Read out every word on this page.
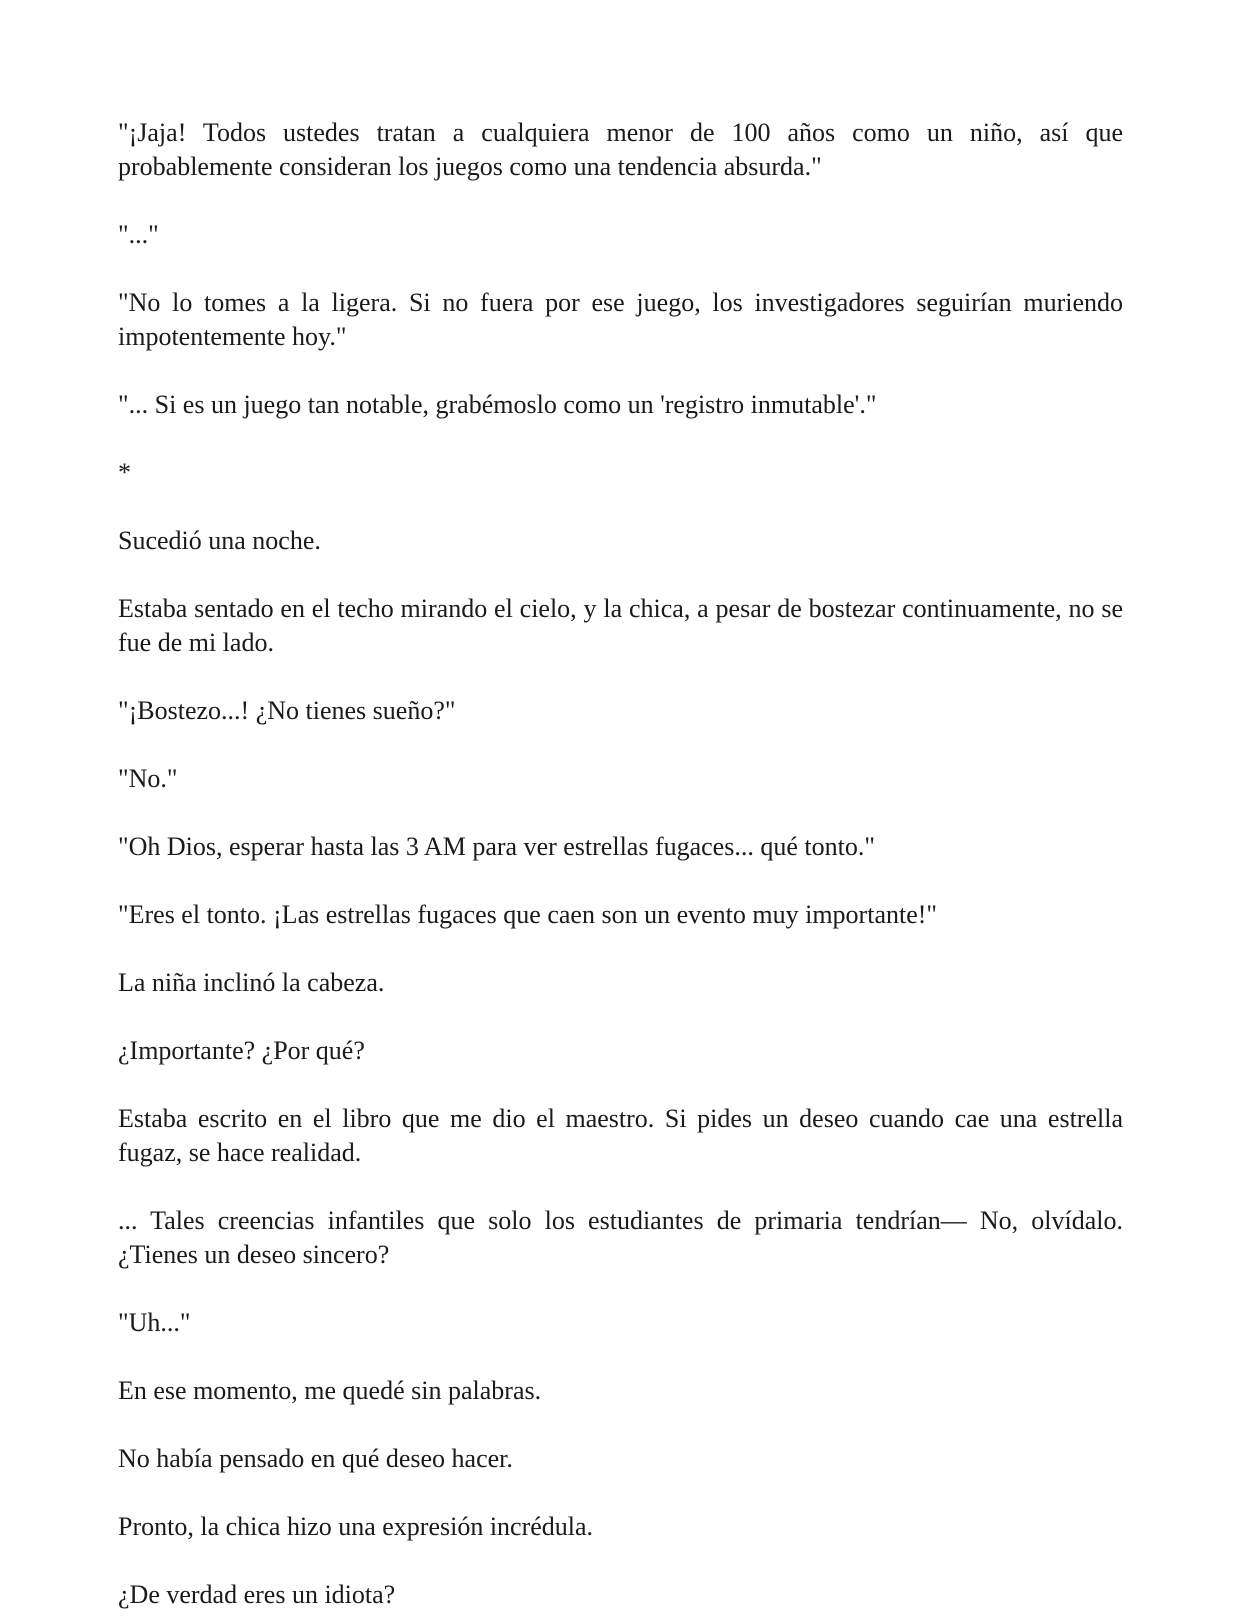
"¡Jaja! Todos ustedes tratan a cualquiera menor de 100 años como un niño, así que probablemente consideran los juegos como una tendencia absurda."

"..."

"No lo tomes a la ligera. Si no fuera por ese juego, los investigadores seguirían muriendo impotentemente hoy."

"... Si es un juego tan notable, grabémoslo como un 'registro inmutable'."

*

Sucedió una noche.

Estaba sentado en el techo mirando el cielo, y la chica, a pesar de bostezar continuamente, no se fue de mi lado.

"¡Bostezo...! ¿No tienes sueño?"

"No."

"Oh Dios, esperar hasta las 3 AM para ver estrellas fugaces... qué tonto."

"Eres el tonto. ¡Las estrellas fugaces que caen son un evento muy importante!"

La niña inclinó la cabeza.

¿Importante? ¿Por qué?

Estaba escrito en el libro que me dio el maestro. Si pides un deseo cuando cae una estrella fugaz, se hace realidad.

... Tales creencias infantiles que solo los estudiantes de primaria tendrían— No, olvídalo. ¿Tienes un deseo sincero?

"Uh..."

En ese momento, me quedé sin palabras.

No había pensado en qué deseo hacer.

Pronto, la chica hizo una expresión incrédula.

¿De verdad eres un idiota?
